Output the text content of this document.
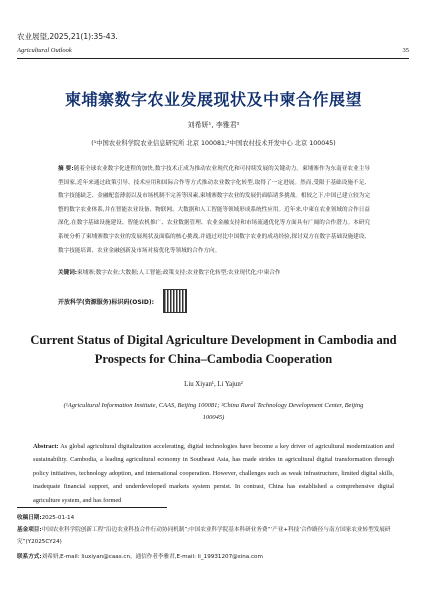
农业展望,2025,21(1):35-43.
Agricultural Outlook	35
柬埔寨数字农业发展现状及中柬合作展望
刘希妍¹, 李雅君²
(¹中国农业科学院农业信息研究所 北京 100081;²中国农村技术开发中心 北京 100045)

摘 要:随着全球农业数字化进程的加快,数字技术正成为推动农业现代化和可持续发展的关键动力。柬埔寨作为东南亚农业主导型国家,近年来通过政策引导、技术应用和国际合作等方式推动农业数字化转型,取得了一定进展。然而,受限于基础设施不足、数字技能缺乏、金融配套薄弱以及市场机制不完善等因素,柬埔寨数字农业的发展仍面临诸多挑战。相较之下,中国已建立较为完整的数字农业体系,并在智能农业设备、物联网、大数据和人工智能等领域形成系统性应用。近年来,中柬在农业领域的合作日益深化,在数字基础设施建设、智能农机推广、农业数据管理、农业金融支持和市场流通优化等方面具有广阔的合作潜力。本研究系统分析了柬埔寨数字农业的发展现状及面临的核心挑战,并通过对比中国数字农业的成功经验,探讨双方在数字基础设施建设、数字技能培训、农业金融创新及市场对接优化等领域的合作方向。

关键词:柬埔寨;数字农业;大数据;人工智能;政策支持;农业数字化转型;农业现代化;中柬合作

开放科学(资源服务)标识码(OSID):

Current Status of Digital Agriculture Development in Cambodia and Prospects for China–Cambodia Cooperation

Liu Xiyan¹, Li Yajun²

(¹Agricultural Information Institute, CAAS, Beijing 100081; ²China Rural Technology Development Center, Beijing 100045)

Abstract: As global agricultural digitalization accelerating, digital technologies have become a key driver of agricultural modernization and sustainability. Cambodia, a leading agricultural economy in Southeast Asia, has made strides in agricultural digital transformation through policy initiatives, technology adoption, and international cooperation. However, challenges such as weak infrastructure, limited digital skills, inadequate financial support, and underdeveloped markets system persist. In contrast, China has established a comprehensive digital agriculture system, and has formed

收稿日期:2025-01-14

基金项目:中国农业科学院创新工程“沿边农业科技合作行动协同机制”;中国农业科学院基本科研业务费“‘产业+科技’合作路径与南方国家农业转型发展研究”(Y2025CY24)

联系方式:刘希妍,E-mail: liuxiyan@caas.cn。通信作者李雅君,E-mail: li_19931207@sina.com
